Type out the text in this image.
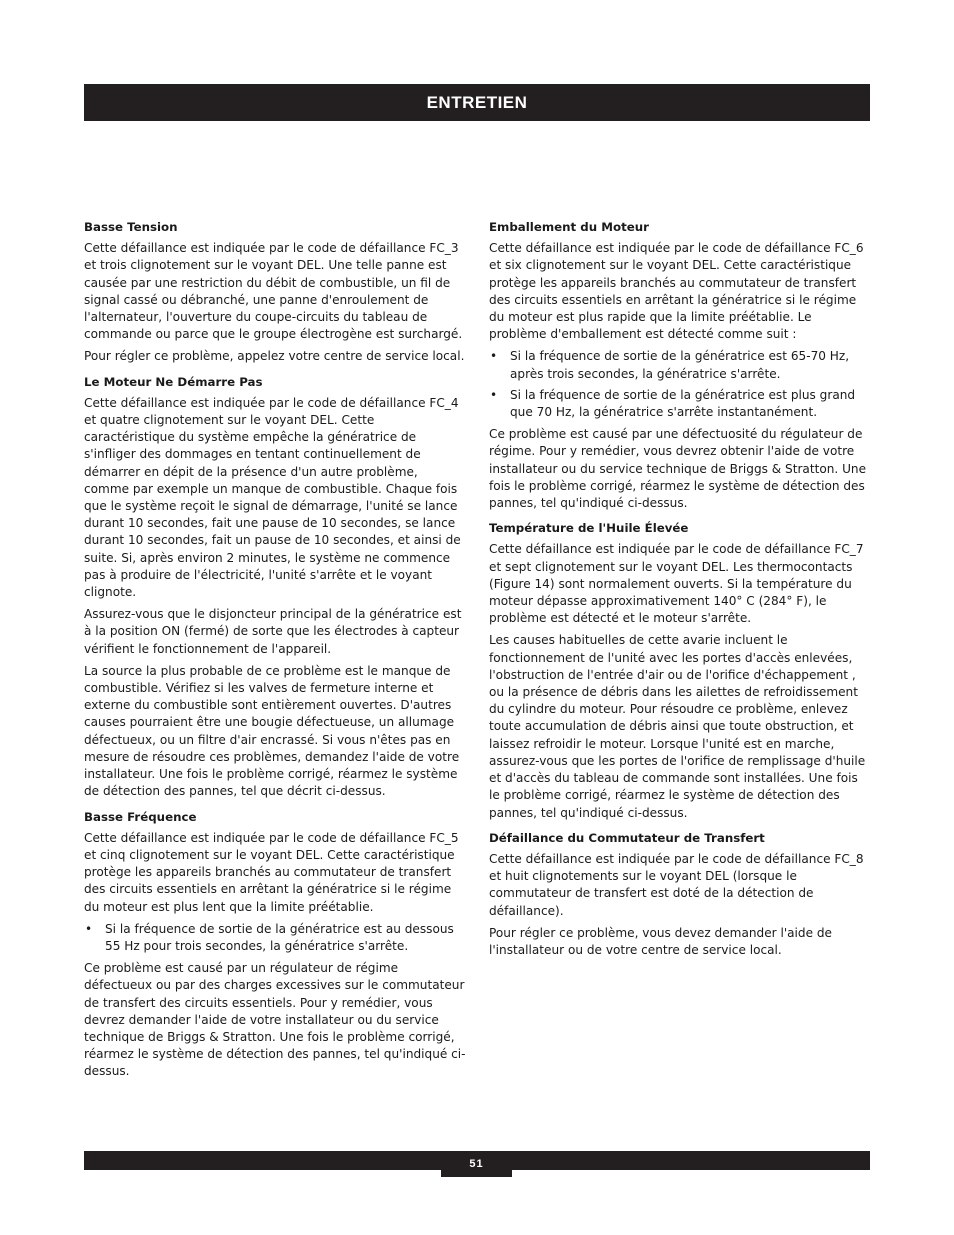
ENTRETIEN
Basse Tension

Cette défaillance est indiquée par le code de défaillance FC_3 et trois clignotement sur le voyant DEL. Une telle panne est causée par une restriction du débit de combustible, un fil de signal cassé ou débranché, une panne d'enroulement de l'alternateur, l'ouverture du coupe-circuits du tableau de commande ou parce que le groupe électrogène est surchargé.

Pour régler ce problème, appelez votre centre de service local.

Le Moteur Ne Démarre Pas

Cette défaillance est indiquée par le code de défaillance FC_4 et quatre clignotement sur le voyant DEL. Cette caractéristique du système empêche la génératrice de s'infliger des dommages en tentant continuellement de démarrer en dépit de la présence d'un autre problème, comme par exemple un manque de combustible. Chaque fois que le système reçoit le signal de démarrage, l'unité se lance durant 10 secondes, fait une pause de 10 secondes, se lance durant 10 secondes, fait un pause de 10 secondes, et ainsi de suite. Si, après environ 2 minutes, le système ne commence pas à produire de l'électricité, l'unité s'arrête et le voyant clignote.

Assurez-vous que le disjoncteur principal de la génératrice est à la position ON (fermé) de sorte que les électrodes à capteur vérifient le fonctionnement de l'appareil.

La source la plus probable de ce problème est le manque de combustible. Vérifiez si les valves de fermeture interne et externe du combustible sont entièrement ouvertes. D'autres causes pourraient être une bougie défectueuse, un allumage défectueux, ou un filtre d'air encrassé. Si vous n'êtes pas en mesure de résoudre ces problèmes, demandez l'aide de votre installateur. Une fois le problème corrigé, réarmez le système de détection des pannes, tel que décrit ci-dessus.

Basse Fréquence

Cette défaillance est indiquée par le code de défaillance FC_5 et cinq clignotement sur le voyant DEL. Cette caractéristique protège les appareils branchés au commutateur de transfert des circuits essentiels en arrêtant la génératrice si le régime du moteur est plus lent que la limite préétablie.

• Si la fréquence de sortie de la génératrice est au dessous 55 Hz pour trois secondes, la génératrice s'arrête.

Ce problème est causé par un régulateur de régime défectueux ou par des charges excessives sur le commutateur de transfert des circuits essentiels. Pour y remédier, vous devrez demander l'aide de votre installateur ou du service technique de Briggs & Stratton. Une fois le problème corrigé, réarmez le système de détection des pannes, tel qu'indiqué ci-dessus.

Emballement du Moteur

Cette défaillance est indiquée par le code de défaillance FC_6 et six clignotement sur le voyant DEL. Cette caractéristique protège les appareils branchés au commutateur de transfert des circuits essentiels en arrêtant la génératrice si le régime du moteur est plus rapide que la limite préétablie. Le problème d'emballement est détecté comme suit :

• Si la fréquence de sortie de la génératrice est 65-70 Hz, après trois secondes, la génératrice s'arrête.
• Si la fréquence de sortie de la génératrice est plus grand que 70 Hz, la génératrice s'arrête instantanément.

Ce problème est causé par une défectuosité du régulateur de régime. Pour y remédier, vous devrez obtenir l'aide de votre installateur ou du service technique de Briggs & Stratton. Une fois le problème corrigé, réarmez le système de détection des pannes, tel qu'indiqué ci-dessus.

Température de l'Huile Élevée

Cette défaillance est indiquée par le code de défaillance FC_7 et sept clignotement sur le voyant DEL. Les thermocontacts (Figure 14) sont normalement ouverts. Si la température du moteur dépasse approximativement 140° C (284° F), le problème est détecté et le moteur s'arrête.

Les causes habituelles de cette avarie incluent le fonctionnement de l'unité avec les portes d'accès enlevées, l'obstruction de l'entrée d'air ou de l'orifice d'échappement , ou la présence de débris dans les ailettes de refroidissement du cylindre du moteur. Pour résoudre ce problème, enlevez toute accumulation de débris ainsi que toute obstruction, et laissez refroidir le moteur. Lorsque l'unité est en marche, assurez-vous que les portes de l'orifice de remplissage d'huile et d'accès du tableau de commande sont installées. Une fois le problème corrigé, réarmez le système de détection des pannes, tel qu'indiqué ci-dessus.

Défaillance du Commutateur de Transfert

Cette défaillance est indiquée par le code de défaillance FC_8 et huit clignotements sur le voyant DEL (lorsque le commutateur de transfert est doté de la détection de défaillance).

Pour régler ce problème, vous devez demander l'aide de l'installateur ou de votre centre de service local.

51
